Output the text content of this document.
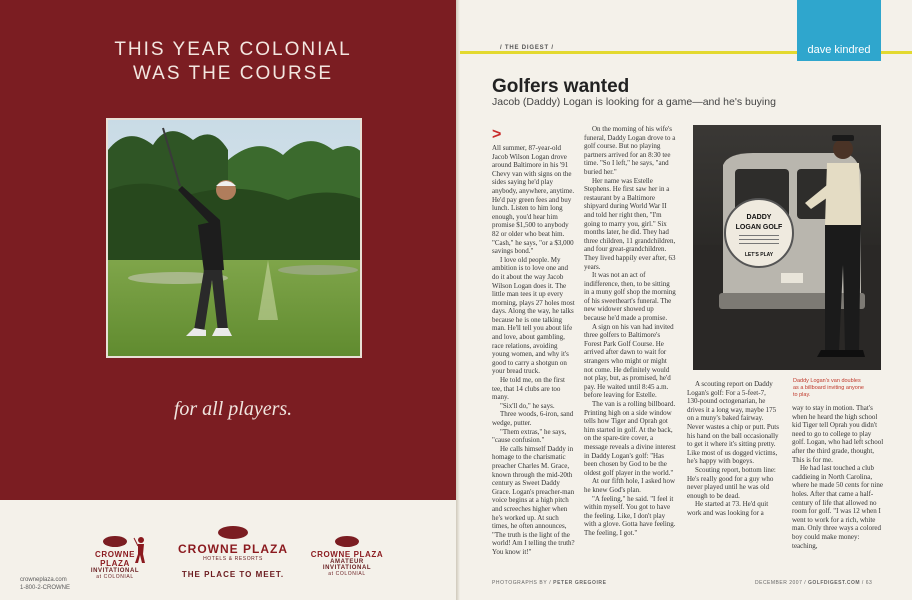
THIS YEAR COLONIAL
WAS THE COURSE
for all players.
CROWNE PLAZA
INVITATIONAL
at COLONIAL
CROWNE PLAZA
HOTELS & RESORTS
THE PLACE TO MEET.
CROWNE PLAZA
AMATEUR INVITATIONAL
at COLONIAL
crowneplaza.com
1-800-2-CROWNE
/ THE DIGEST /	dave kindred
Golfers wanted
Jacob (Daddy) Logan is looking for a game—and he's buying
>

All summer, 87-year-old Jacob Wilson Logan drove around Baltimore in his '91 Chevy van with signs on the sides saying he'd play anybody, anywhere, anytime. He'd pay green fees and buy lunch. Listen to him long enough, you'd hear him promise $1,500 to anybody 82 or older who beat him. "Cash," he says, "or a $3,000 savings bond."

I love old people. My ambition is to love one and do it about the way Jacob Wilson Logan does it. The little man tees it up every morning, plays 27 holes most days. Along the way, he talks because he is one talking man. He'll tell you about life and love, about gambling, race relations, avoiding young women, and why it's good to carry a shotgun on your bread truck.

He told me, on the first tee, that 14 clubs are too many.

"Six'll do," he says.

Three woods, 6-iron, sand wedge, putter.

"Them extras," he says, "cause confusion."

He calls himself Daddy in homage to the charismatic preacher Charles M. Grace, known through the mid-20th century as Sweet Daddy Grace. Logan's preacher-man voice begins at a high pitch and screeches higher when he's worked up. At such times, he often announces, "The truth is the light of the world! Am I telling the truth? You know it!"

On the morning of his wife's funeral, Daddy Logan drove to a golf course. But no playing partners arrived for an 8:30 tee time. "So I left," he says, "and buried her."

Her name was Estelle Stephens. He first saw her in a restaurant by a Baltimore shipyard during World War II and told her right then, "I'm going to marry you, girl." Six months later, he did. They had three children, 11 grandchildren, and four great-grandchildren. They lived happily ever after, 63 years.

It was not an act of indifference, then, to be sitting in a muny golf shop the morning of his sweetheart's funeral. The new widower showed up because he'd made a promise.

A sign on his van had invited three golfers to Baltimore's Forest Park Golf Course. He arrived after dawn to wait for strangers who might or might not come. He definitely would not play, but, as promised, he'd pay. He waited until 8:45 a.m. before leaving for Estelle.

The van is a rolling billboard. Printing high on a side window tells how Tiger and Oprah got him started in golf. At the back, on the spare-tire cover, a message reveals a divine interest in Daddy Logan's golf: "Has been chosen by God to be the oldest golf player in the world."

At our fifth hole, I asked how he knew God's plan.

"A feeling," he said. "I feel it within myself. You got to have the feeling. Like, I don't play with a glove. Gotta have feeling. The feeling, I got."

DADDY
LOGAN GOLF
LET'S PLAY
Daddy Logan's van doubles as a billboard inviting anyone to play.

A scouting report on Daddy Logan's golf: For a 5-feet-7, 130-pound octogenarian, he drives it a long way, maybe 175 on a muny's baked fairway. Never wastes a chip or putt. Puts his hand on the ball occasionally to get it where it's sitting pretty. Like most of us dogged victims, he's happy with bogeys.

Scouting report, bottom line: He's really good for a guy who never played until he was old enough to be dead.

He started at 73. He'd quit work and was looking for a

way to stay in motion. That's when he heard the high school kid Tiger tell Oprah you didn't need to go to college to play golf. Logan, who had left school after the third grade, thought, This is for me.

He had last touched a club caddieing in North Carolina, where he made 50 cents for nine holes. After that came a half-century of life that allowed no room for golf. "I was 12 when I went to work for a rich, white man. Only three ways a colored boy could make money: teaching,

PHOTOGRAPHS BY / PETER GREGOIRE	DECEMBER 2007 / GOLFDIGEST.COM / 63
